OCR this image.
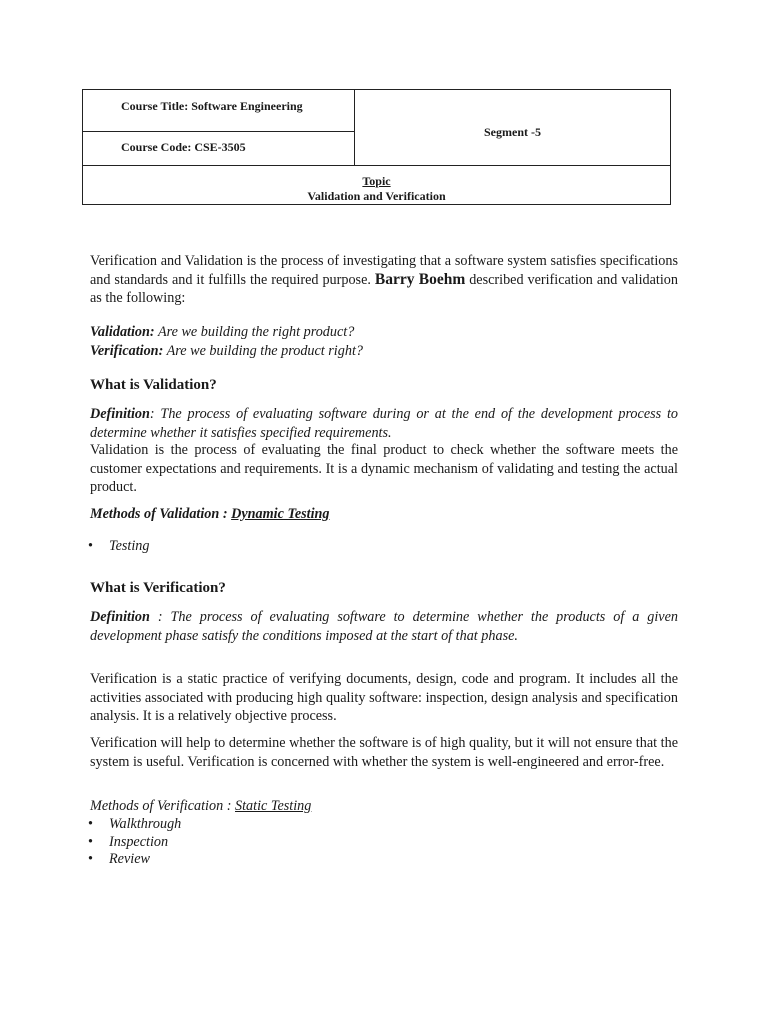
Course Title: Software Engineering
Course Code: CSE-3505
Segment -5
Topic
Validation and Verification

Verification and Validation is the process of investigating that a software system satisfies specifications and standards and it fulfills the required purpose. Barry Boehm described verification and validation as the following:

Validation: Are we building the right product?

Verification: Are we building the product right?

What is Validation?

Definition: The process of evaluating software during or at the end of the development process to determine whether it satisfies specified requirements.

Validation is the process of evaluating the final product to check whether the software meets the customer expectations and requirements. It is a dynamic mechanism of validating and testing the actual product.

Methods of Validation : Dynamic Testing

• Testing
What is Verification?

Definition : The process of evaluating software to determine whether the products of a given development phase satisfy the conditions imposed at the start of that phase.

Verification is a static practice of verifying documents, design, code and program. It includes all the activities associated with producing high quality software: inspection, design analysis and specification analysis. It is a relatively objective process.

Verification will help to determine whether the software is of high quality, but it will not ensure that the system is useful. Verification is concerned with whether the system is well-engineered and error-free.

Methods of Verification : Static Testing

• Walkthrough
• Inspection
• Review
